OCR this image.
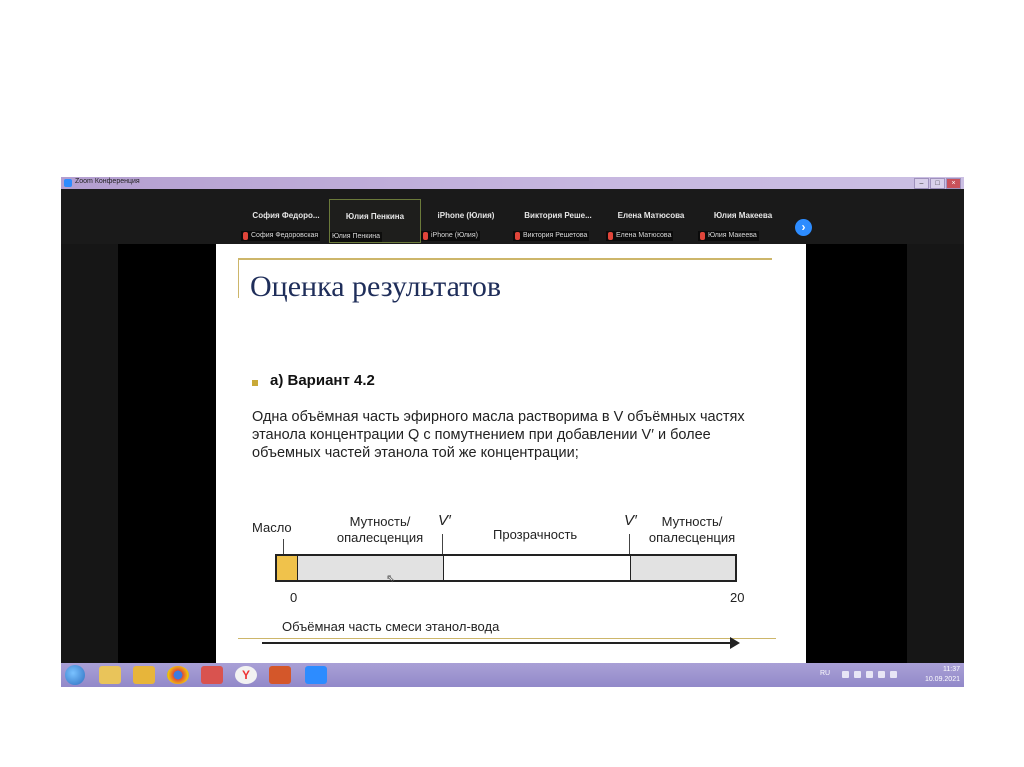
Zoom Конференция	–	□	×
София Федоро...
София Федоровская
Юлия Пенкина
Юлия Пенкина
iPhone (Юлия)
iPhone (Юлия)
Виктория Реше...
Виктория Решетова
Елена Матюсова
Елена Матюсова
Юлия Макеева
Юлия Макеева
›
Оценка результатов
а) Вариант 4.2
Одна объёмная часть эфирного масла растворима в V объёмных частях
этанола концентрации Q с помутнением при добавлении V′ и более
объемных частей этанола той же концентрации;
Масло	Мутность/
опалесценция
V′
Прозрачность
V′	Мутность/
опалесценция
⇖
0	20
Объёмная часть смеси этанол-вода
Y	RU
11:37
10.09.2021
